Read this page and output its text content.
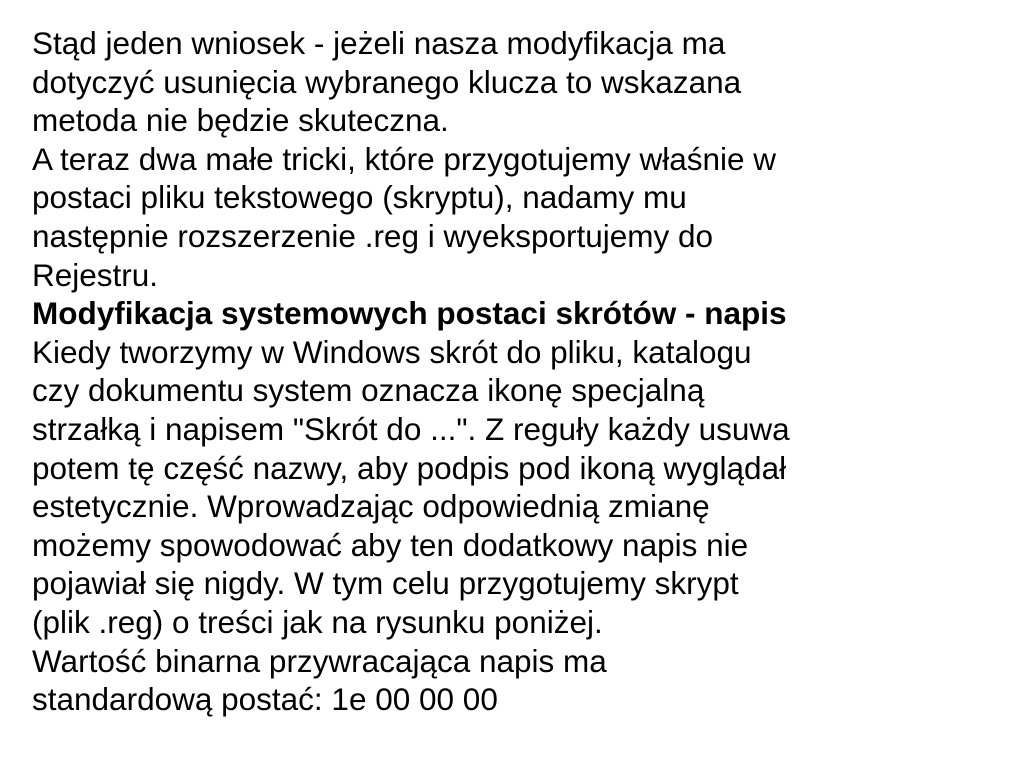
Stąd jeden wniosek - jeżeli nasza modyfikacja ma
dotyczyć usunięcia wybranego klucza to wskazana
metoda nie będzie skuteczna.
A teraz dwa małe tricki, które przygotujemy właśnie w
postaci pliku tekstowego (skryptu), nadamy mu
następnie rozszerzenie .reg i wyeksportujemy do
Rejestru.
Modyfikacja systemowych postaci skrótów - napis
Kiedy tworzymy w Windows skrót do pliku, katalogu
czy dokumentu system oznacza ikonę specjalną
strzałką i napisem "Skrót do ...". Z reguły każdy usuwa
potem tę część nazwy, aby podpis pod ikoną wyglądał
estetycznie. Wprowadzając odpowiednią zmianę
możemy spowodować aby ten dodatkowy napis nie
pojawiał się nigdy. W tym celu przygotujemy skrypt
(plik .reg) o treści jak na rysunku poniżej.
Wartość binarna przywracająca napis ma
standardową postać: 1e 00 00 00
